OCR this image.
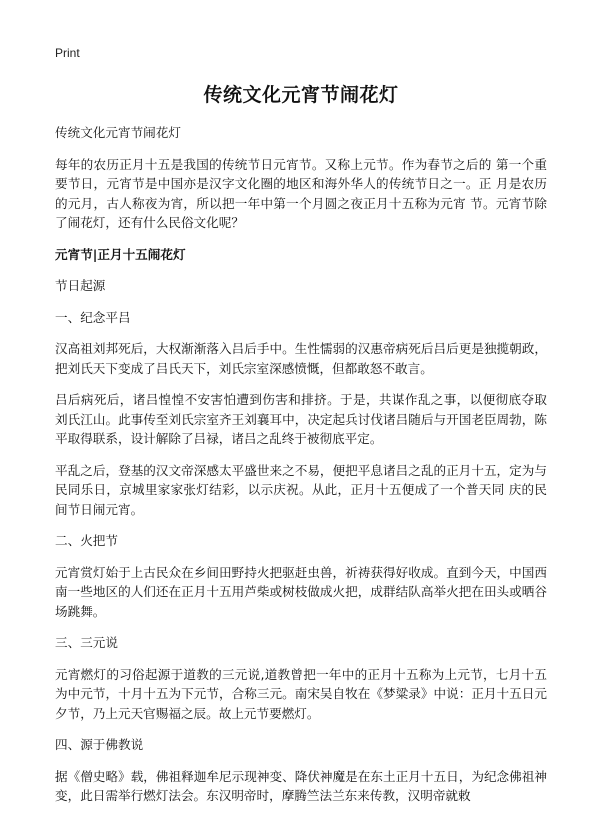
Print
传统文化元宵节闹花灯

传统文化元宵节闹花灯

每年的农历正月十五是我国的传统节日元宵节。又称上元节。作为春节之后的 第一个重要节日，元宵节是中国亦是汉字文化圈的地区和海外华人的传统节日之一。正 月是农历的元月，古人称夜为宵，所以把一年中第一个月圆之夜正月十五称为元宵 节。元宵节除了闹花灯，还有什么民俗文化呢？

元宵节|正月十五闹花灯

节日起源

一、纪念平吕

汉高祖刘邦死后，大权渐渐落入吕后手中。生性懦弱的汉惠帝病死后吕后更是独揽朝政，把刘氏天下变成了吕氏天下，刘氏宗室深感愤慨，但都敢怒不敢言。

吕后病死后，诸吕惶惶不安害怕遭到伤害和排挤。于是，共谋作乱之事，以便彻底夺取 刘氏江山。此事传至刘氏宗室齐王刘襄耳中，决定起兵讨伐诸吕随后与开国老臣周勃，陈平取得联系，设计解除了吕禄，诸吕之乱终于被彻底平定。

平乱之后，登基的汉文帝深感太平盛世来之不易，便把平息诸吕之乱的正月十五，定为与民同乐日，京城里家家张灯结彩，以示庆祝。从此，正月十五便成了一个普天同 庆的民间节日闹元宵。

二、火把节

元宵赏灯始于上古民众在乡间田野持火把驱赶虫兽，祈祷获得好收成。直到今天，中国西南一些地区的人们还在正月十五用芦柴或树枝做成火把，成群结队高举火把在田头或晒谷场跳舞。

三、三元说

元宵燃灯的习俗起源于道教的三元说,道教曾把一年中的正月十五称为上元节，七月十五为中元节，十月十五为下元节，合称三元。南宋吴自牧在《梦粱录》中说：正月十五日元夕节，乃上元天官赐福之辰。故上元节要燃灯。

四、源于佛教说

据《僧史略》载，佛祖释迦牟尼示现神变、降伏神魔是在东土正月十五日，为纪念佛祖神变，此日需举行燃灯法会。东汉明帝时，摩腾竺法兰东来传教，汉明帝就敕
